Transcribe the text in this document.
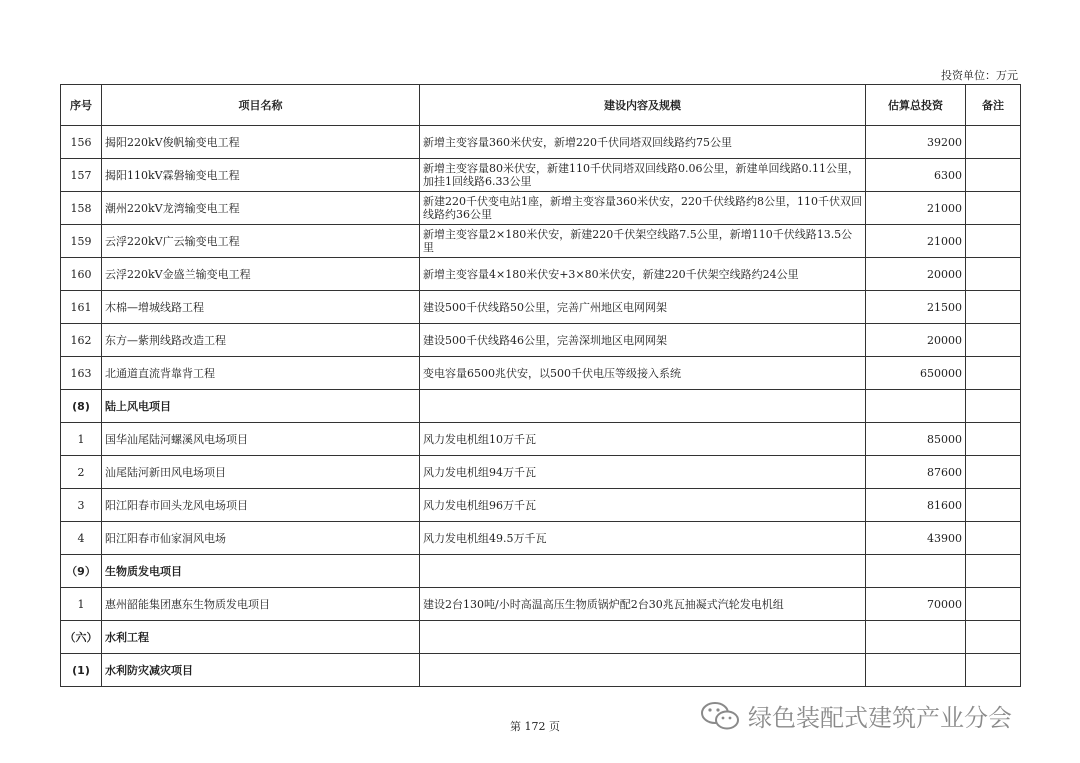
投资单位：万元
序号	项目名称	建设内容及规模	估算总投资	备注
156	揭阳220kV俊帆输变电工程	新增主变容量360米伏安，新增220千伏同塔双回线路约75公里	39200	
157	揭阳110kV霖磐输变电工程	新增主变容量80米伏安，新建110千伏同塔双回线路0.06公里，新建单回线路0.11公里，加挂1回线路6.33公里	6300	
158	潮州220kV龙湾输变电工程	新建220千伏变电站1座，新增主变容量360米伏安，220千伏线路约8公里，110千伏双回线路约36公里	21000	
159	云浮220kV广云输变电工程	新增主变容量2×180米伏安，新建220千伏架空线路7.5公里，新增110千伏线路13.5公里	21000	
160	云浮220kV金盛兰输变电工程	新增主变容量4×180米伏安+3×80米伏安，新建220千伏架空线路约24公里	20000	
161	木棉—增城线路工程	建设500千伏线路50公里，完善广州地区电网网架	21500	
162	东方—紫荆线路改造工程	建设500千伏线路46公里，完善深圳地区电网网架	20000	
163	北通道直流背靠背工程	变电容量6500兆伏安，以500千伏电压等级接入系统	650000	
(8)	陆上风电项目			
1	国华汕尾陆河螺溪风电场项目	风力发电机组10万千瓦	85000	
2	汕尾陆河新田风电场项目	风力发电机组94万千瓦	87600	
3	阳江阳春市回头龙风电场项目	风力发电机组96万千瓦	81600	
4	阳江阳春市仙家洞风电场	风力发电机组49.5万千瓦	43900	
（9）	生物质发电项目			
1	惠州韶能集团惠东生物质发电项目	建设2台130吨/小时高温高压生物质锅炉配2台30兆瓦抽凝式汽轮发电机组	70000	
（六）	水利工程			
(1)	水利防灾减灾项目			
第 172 页	绿色装配式建筑产业分会
